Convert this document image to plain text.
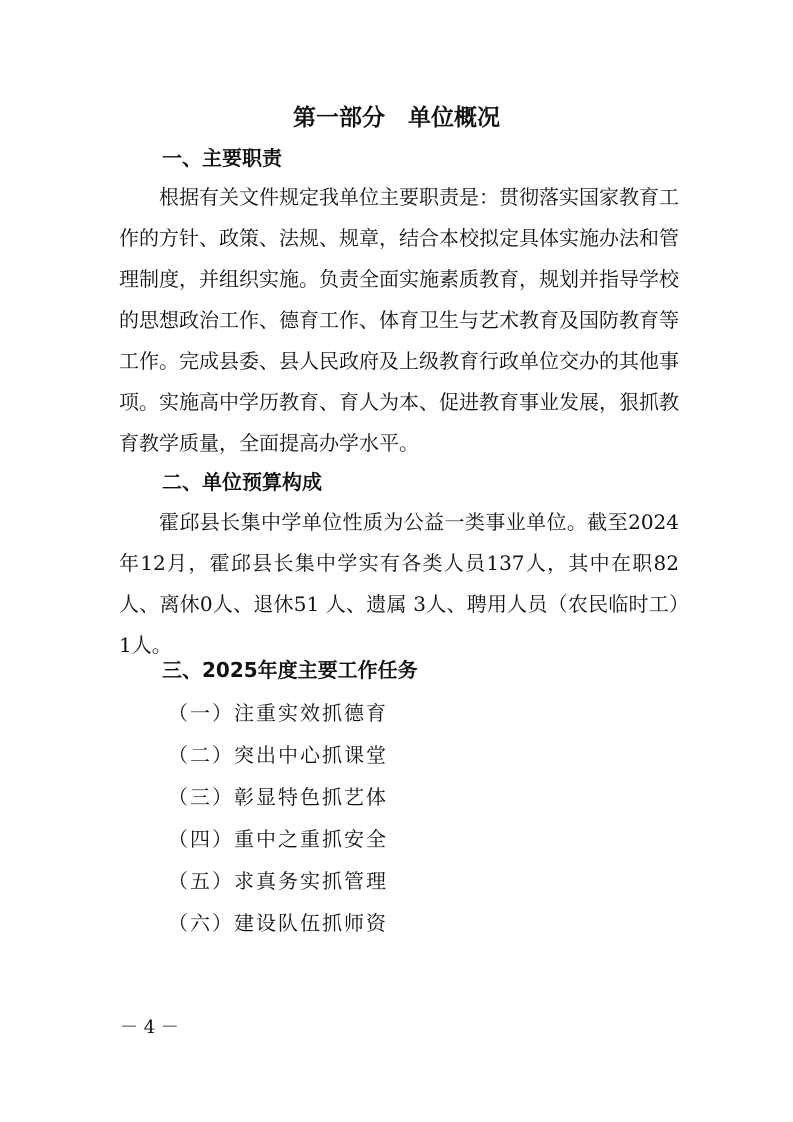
第一部分　单位概况
一、主要职责

根据有关文件规定我单位主要职责是：贯彻落实国家教育工作的方针、政策、法规、规章，结合本校拟定具体实施办法和管理制度，并组织实施。负责全面实施素质教育，规划并指导学校的思想政治工作、德育工作、体育卫生与艺术教育及国防教育等工作。完成县委、县人民政府及上级教育行政单位交办的其他事项。实施高中学历教育、育人为本、促进教育事业发展，狠抓教育教学质量，全面提高办学水平。

二、单位预算构成

霍邱县长集中学单位性质为公益一类事业单位。截至2024年12月，霍邱县长集中学实有各类人员137人，其中在职82人、离休0人、退休51 人、遗属 3人、聘用人员（农民临时工）1人。

三、2025年度主要工作任务
（一）注重实效抓德育
（二）突出中心抓课堂
（三）彰显特色抓艺体
（四）重中之重抓安全
（五）求真务实抓管理
（六）建设队伍抓师资
－ 4 －
